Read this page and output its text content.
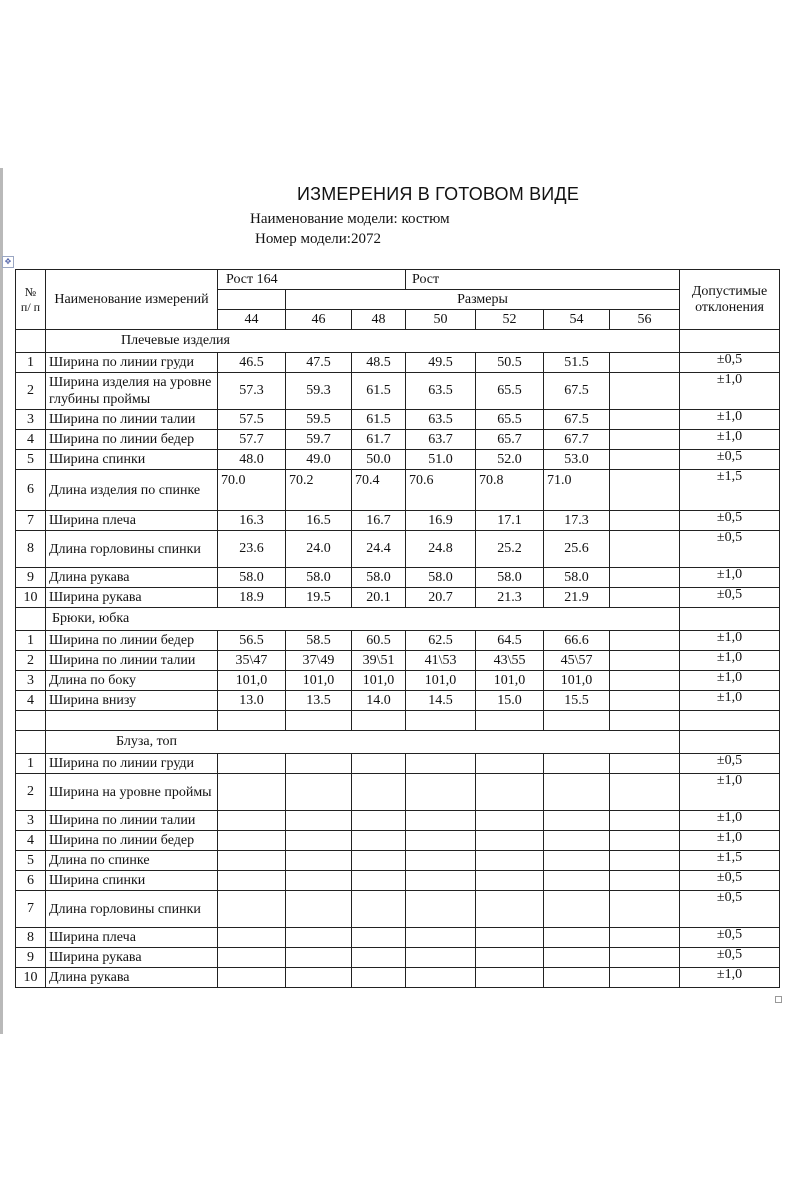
✥
ИЗМЕРЕНИЯ В ГОТОВОМ ВИДЕ
Наименование модели: костюм
Номер модели:2072
№ п/ п	Наименование измерений	Рост 164			Рост				Допустимые отклонения
			Размеры						
		44	46	48	50	52	54	56	
	Плечевые изделия								
1	Ширина по линии груди	46.5	47.5	48.5	49.5	50.5	51.5		±0,5
2	Ширина изделия на уровне глубины проймы	57.3	59.3	61.5	63.5	65.5	67.5		±1,0
3	Ширина по линии талии	57.5	59.5	61.5	63.5	65.5	67.5		±1,0
4	Ширина по линии бедер	57.7	59.7	61.7	63.7	65.7	67.7		±1,0
5	Ширина спинки	48.0	49.0	50.0	51.0	52.0	53.0		±0,5
6	Длина изделия по спинке	70.0	70.2	70.4	70.6	70.8	71.0		±1,5
7	Ширина плеча	16.3	16.5	16.7	16.9	17.1	17.3		±0,5
8	Длина горловины спинки	23.6	24.0	24.4	24.8	25.2	25.6		±0,5
9	Длина рукава	58.0	58.0	58.0	58.0	58.0	58.0		±1,0
10	Ширина рукава	18.9	19.5	20.1	20.7	21.3	21.9		±0,5
	Брюки, юбка								
1	Ширина по линии бедер	56.5	58.5	60.5	62.5	64.5	66.6		±1,0
2	Ширина по линии талии	35\47	37\49	39\51	41\53	43\55	45\57		±1,0
3	Длина по боку	101,0	101,0	101,0	101,0	101,0	101,0		±1,0
4	Ширина внизу	13.0	13.5	14.0	14.5	15.0	15.5		±1,0

	Блуза, топ								
1	Ширина по линии груди								±0,5
2	Ширина на уровне проймы								±1,0
3	Ширина по линии талии								±1,0
4	Ширина по линии бедер								±1,0
5	Длина по спинке								±1,5
6	Ширина спинки								±0,5
7	Длина горловины спинки								±0,5
8	Ширина плеча								±0,5
9	Ширина рукава								±0,5
10	Длина рукава								±1,0
